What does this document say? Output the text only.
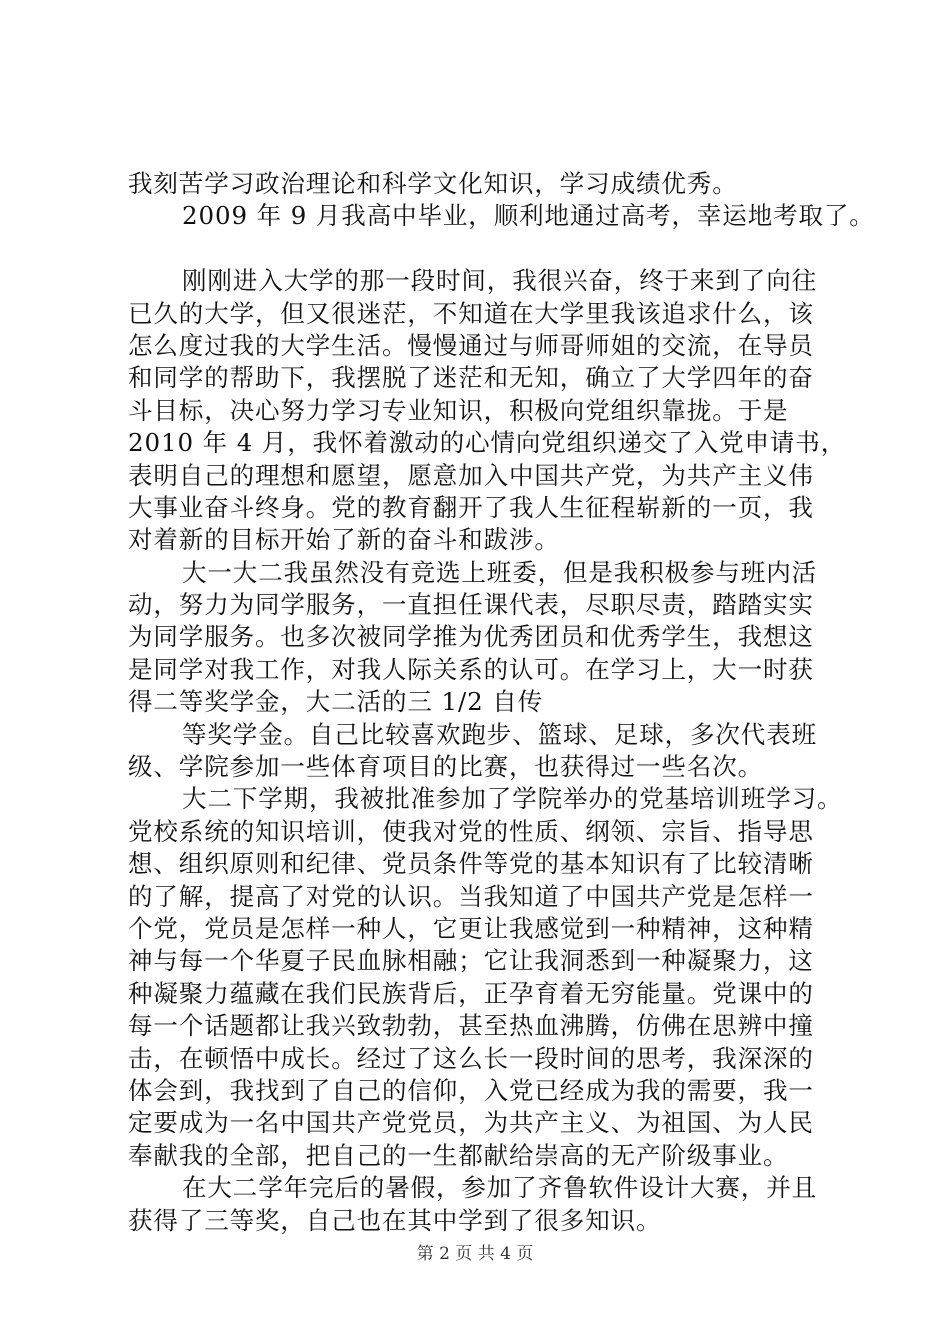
我刻苦学习政治理论和科学文化知识，学习成绩优秀。
2009 年 9 月我高中毕业，顺利地通过高考，幸运地考取了。
刚刚进入大学的那一段时间，我很兴奋，终于来到了向往
已久的大学，但又很迷茫，不知道在大学里我该追求什么，该
怎么度过我的大学生活。慢慢通过与师哥师姐的交流，在导员
和同学的帮助下，我摆脱了迷茫和无知，确立了大学四年的奋
斗目标，决心努力学习专业知识，积极向党组织靠拢。于是
2010 年 4 月，我怀着激动的心情向党组织递交了入党申请书，
表明自己的理想和愿望，愿意加入中国共产党，为共产主义伟
大事业奋斗终身。党的教育翻开了我人生征程崭新的一页，我
对着新的目标开始了新的奋斗和跋涉。
大一大二我虽然没有竞选上班委，但是我积极参与班内活
动，努力为同学服务，一直担任课代表，尽职尽责，踏踏实实
为同学服务。也多次被同学推为优秀团员和优秀学生，我想这
是同学对我工作，对我人际关系的认可。在学习上，大一时获
得二等奖学金，大二活的三 1/2 自传
等奖学金。自己比较喜欢跑步、篮球、足球，多次代表班
级、学院参加一些体育项目的比赛，也获得过一些名次。
大二下学期，我被批准参加了学院举办的党基培训班学习。
党校系统的知识培训，使我对党的性质、纲领、宗旨、指导思
想、组织原则和纪律、党员条件等党的基本知识有了比较清晰
的了解，提高了对党的认识。当我知道了中国共产党是怎样一
个党，党员是怎样一种人，它更让我感觉到一种精神，这种精
神与每一个华夏子民血脉相融；它让我洞悉到一种凝聚力，这
种凝聚力蕴藏在我们民族背后，正孕育着无穷能量。党课中的
每一个话题都让我兴致勃勃，甚至热血沸腾，仿佛在思辨中撞
击，在顿悟中成长。经过了这么长一段时间的思考，我深深的
体会到，我找到了自己的信仰，入党已经成为我的需要，我一
定要成为一名中国共产党党员，为共产主义、为祖国、为人民
奉献我的全部，把自己的一生都献给崇高的无产阶级事业。
在大二学年完后的暑假，参加了齐鲁软件设计大赛，并且
获得了三等奖，自己也在其中学到了很多知识。
第 2 页 共 4 页
